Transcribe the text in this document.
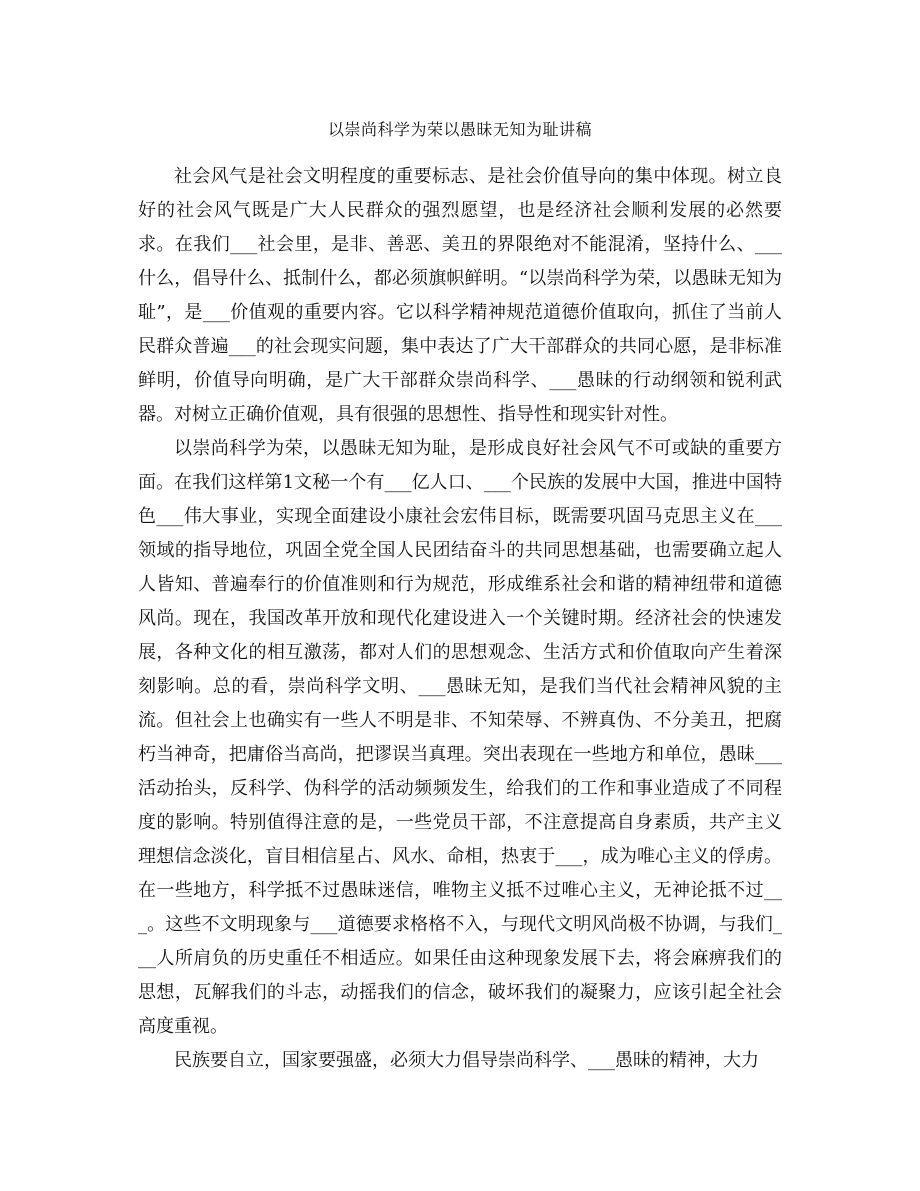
以崇尚科学为荣以愚昧无知为耻讲稿

社会风气是社会文明程度的重要标志、是社会价值导向的集中体现。树立良好的社会风气既是广大人民群众的强烈愿望，也是经济社会顺利发展的必然要求。在我们___社会里，是非、善恶、美丑的界限绝对不能混淆，坚持什么、___什么，倡导什么、抵制什么，都必须旗帜鲜明。“以崇尚科学为荣，以愚昧无知为耻”，是___价值观的重要内容。它以科学精神规范道德价值取向，抓住了当前人民群众普遍___的社会现实问题，集中表达了广大干部群众的共同心愿，是非标准鲜明，价值导向明确，是广大干部群众崇尚科学、___愚昧的行动纲领和锐利武器。对树立正确价值观，具有很强的思想性、指导性和现实针对性。

以崇尚科学为荣，以愚昧无知为耻，是形成良好社会风气不可或缺的重要方面。在我们这样第1文秘一个有___亿人口、___个民族的发展中大国，推进中国特色___伟大事业，实现全面建设小康社会宏伟目标，既需要巩固马克思主义在___领域的指导地位，巩固全党全国人民团结奋斗的共同思想基础，也需要确立起人人皆知、普遍奉行的价值准则和行为规范，形成维系社会和谐的精神纽带和道德风尚。现在，我国改革开放和现代化建设进入一个关键时期。经济社会的快速发展，各种文化的相互激荡，都对人们的思想观念、生活方式和价值取向产生着深刻影响。总的看，崇尚科学文明、___愚昧无知，是我们当代社会精神风貌的主流。但社会上也确实有一些人不明是非、不知荣辱、不辨真伪、不分美丑，把腐朽当神奇，把庸俗当高尚，把谬误当真理。突出表现在一些地方和单位，愚昧___活动抬头，反科学、伪科学的活动频频发生，给我们的工作和事业造成了不同程度的影响。特别值得注意的是，一些党员干部，不注意提高自身素质，共产主义理想信念淡化，盲目相信星占、风水、命相，热衷于___，成为唯心主义的俘虏。在一些地方，科学抵不过愚昧迷信，唯物主义抵不过唯心主义，无神论抵不过___。这些不文明现象与___道德要求格格不入，与现代文明风尚极不协调，与我们___人所肩负的历史重任不相适应。如果任由这种现象发展下去，将会麻痹我们的思想，瓦解我们的斗志，动摇我们的信念，破坏我们的凝聚力，应该引起全社会高度重视。

民族要自立，国家要强盛，必须大力倡导崇尚科学、___愚昧的精神，大力
